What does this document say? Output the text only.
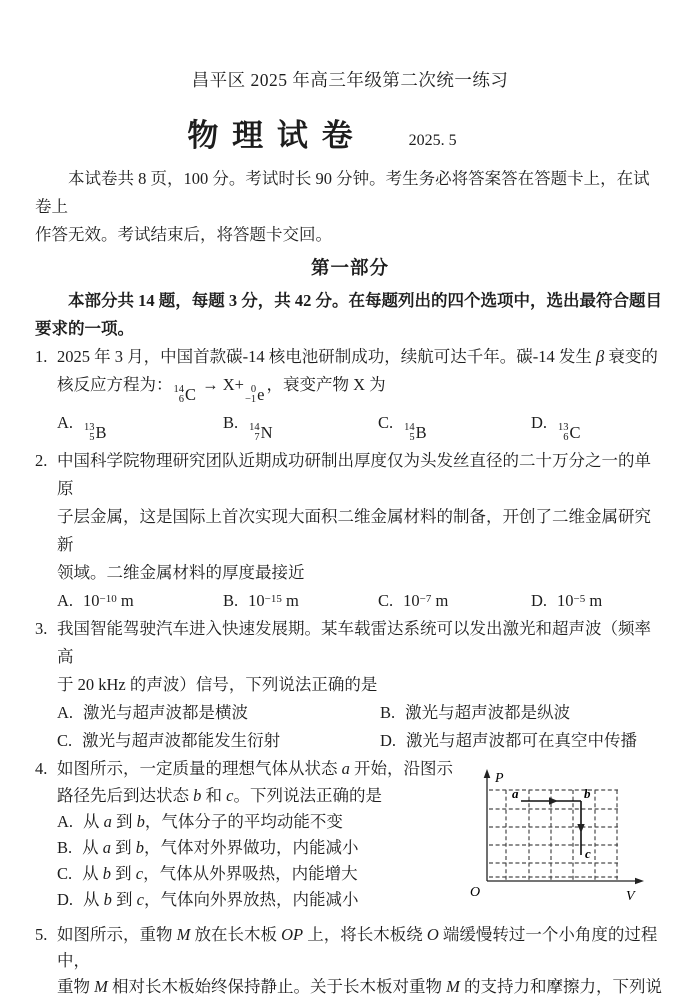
昌平区 2025 年高三年级第二次统一练习
物 理 试 卷	2025. 5

本试卷共 8 页，100 分。考试时长 90 分钟。考生务必将答案答在答题卡上，在试卷上
作答无效。考试结束后，将答题卡交回。

第一部分

本部分共 14 题，每题 3 分，共 42 分。在每题列出的四个选项中，选出最符合题目
要求的一项。

1. 2025 年 3 月，中国首款碳-14 核电池研制成功，续航可达千年。碳-14 发生 β 衰变的
核反应方程为： 14
6 C
→ X+ 0
−1 e
，衰变产物 X 为
A. 13
5 B
B. 14
7 N
C. 14
5 B
D. 13
6 C
2. 中国科学院物理研究团队近期成功研制出厚度仅为头发丝直径的二十万分之一的单原
子层金属，这是国际上首次实现大面积二维金属材料的制备，开创了二维金属研究新
领域。二维金属材料的厚度最接近
A. $10^{-10}$ m	B. $10^{-15}$ m	C. $10^{-7}$ m	D. $10^{-5}$ m
3. 我国智能驾驶汽车进入快速发展期。某车载雷达系统可以发出激光和超声波（频率高
于 20 kHz 的声波）信号，下列说法正确的是
A. 激光与超声波都是横波	B. 激光与超声波都是纵波
C. 激光与超声波都能发生衍射	D. 激光与超声波都可在真空中传播
4. 如图所示，一定质量的理想气体从状态 a 开始，沿图示
路径先后到达状态 b 和 c。下列说法正确的是
A. 从 a 到 b，气体分子的平均动能不变
B. 从 a 到 b，气体对外界做功，内能减小
C. 从 b 到 c，气体从外界吸热，内能增大
D. 从 b 到 c，气体向外界放热，内能减小
P
V
O
a	b
c
5. 如图所示，重物 M 放在长木板 OP 上，将长木板绕 O 端缓慢转过一个小角度的过程中，
重物 M 相对长木板始终保持静止。关于长木板对重物 M 的支持力和摩擦力，下列说
